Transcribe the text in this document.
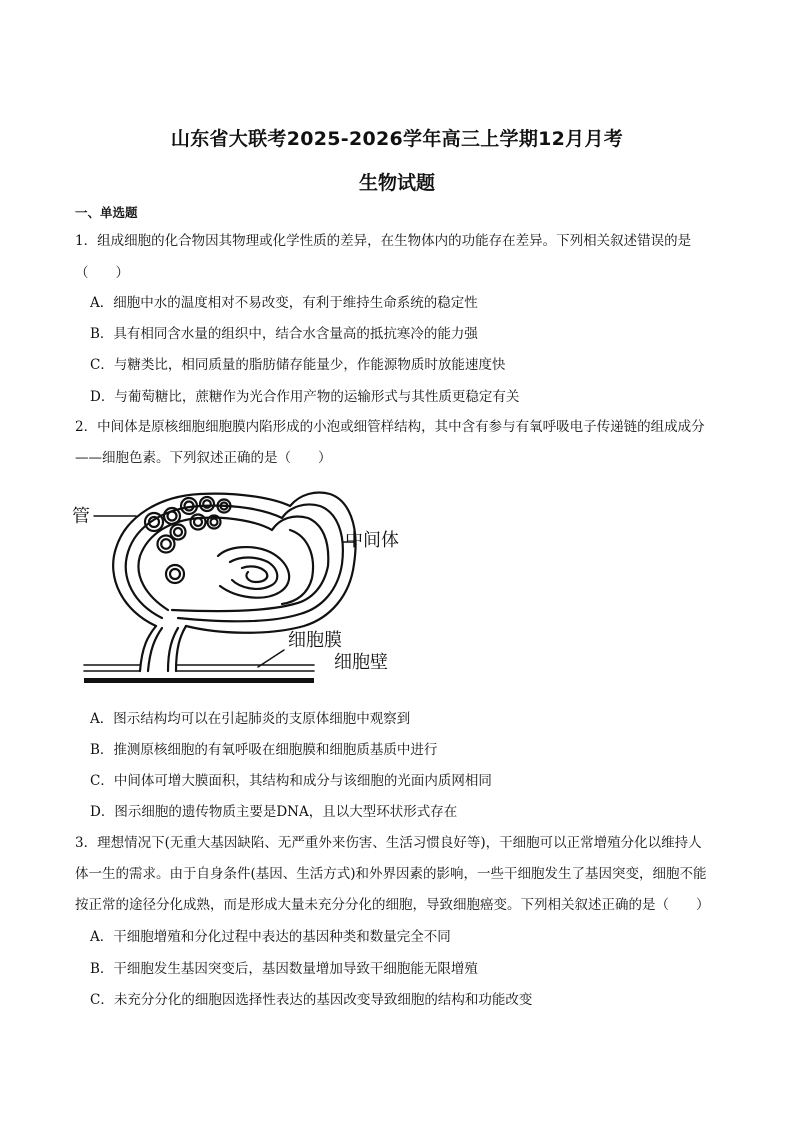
山东省大联考2025-2026学年高三上学期12月月考
生物试题
一、单选题
1．组成细胞的化合物因其物理或化学性质的差异，在生物体内的功能存在差异。下列相关叙述错误的是
（　　）
A．细胞中水的温度相对不易改变，有利于维持生命系统的稳定性
B．具有相同含水量的组织中，结合水含量高的抵抗寒冷的能力强
C．与糖类比，相同质量的脂肪储存能量少，作能源物质时放能速度快
D．与葡萄糖比，蔗糖作为光合作用产物的运输形式与其性质更稳定有关
2．中间体是原核细胞细胞膜内陷形成的小泡或细管样结构，其中含有参与有氧呼吸电子传递链的组成成分
——细胞色素。下列叙述正确的是（　　）
管
中间体
细胞膜
细胞壁
A．图示结构均可以在引起肺炎的支原体细胞中观察到
B．推测原核细胞的有氧呼吸在细胞膜和细胞质基质中进行
C．中间体可增大膜面积，其结构和成分与该细胞的光面内质网相同
D．图示细胞的遗传物质主要是DNA，且以大型环状形式存在
3．理想情况下(无重大基因缺陷、无严重外来伤害、生活习惯良好等)，干细胞可以正常增殖分化以维持人
体一生的需求。由于自身条件(基因、生活方式)和外界因素的影响，一些干细胞发生了基因突变，细胞不能
按正常的途径分化成熟，而是形成大量未充分分化的细胞，导致细胞癌变。下列相关叙述正确的是（　　）
A．干细胞增殖和分化过程中表达的基因种类和数量完全不同
B．干细胞发生基因突变后，基因数量增加导致干细胞能无限增殖
C．未充分分化的细胞因选择性表达的基因改变导致细胞的结构和功能改变
